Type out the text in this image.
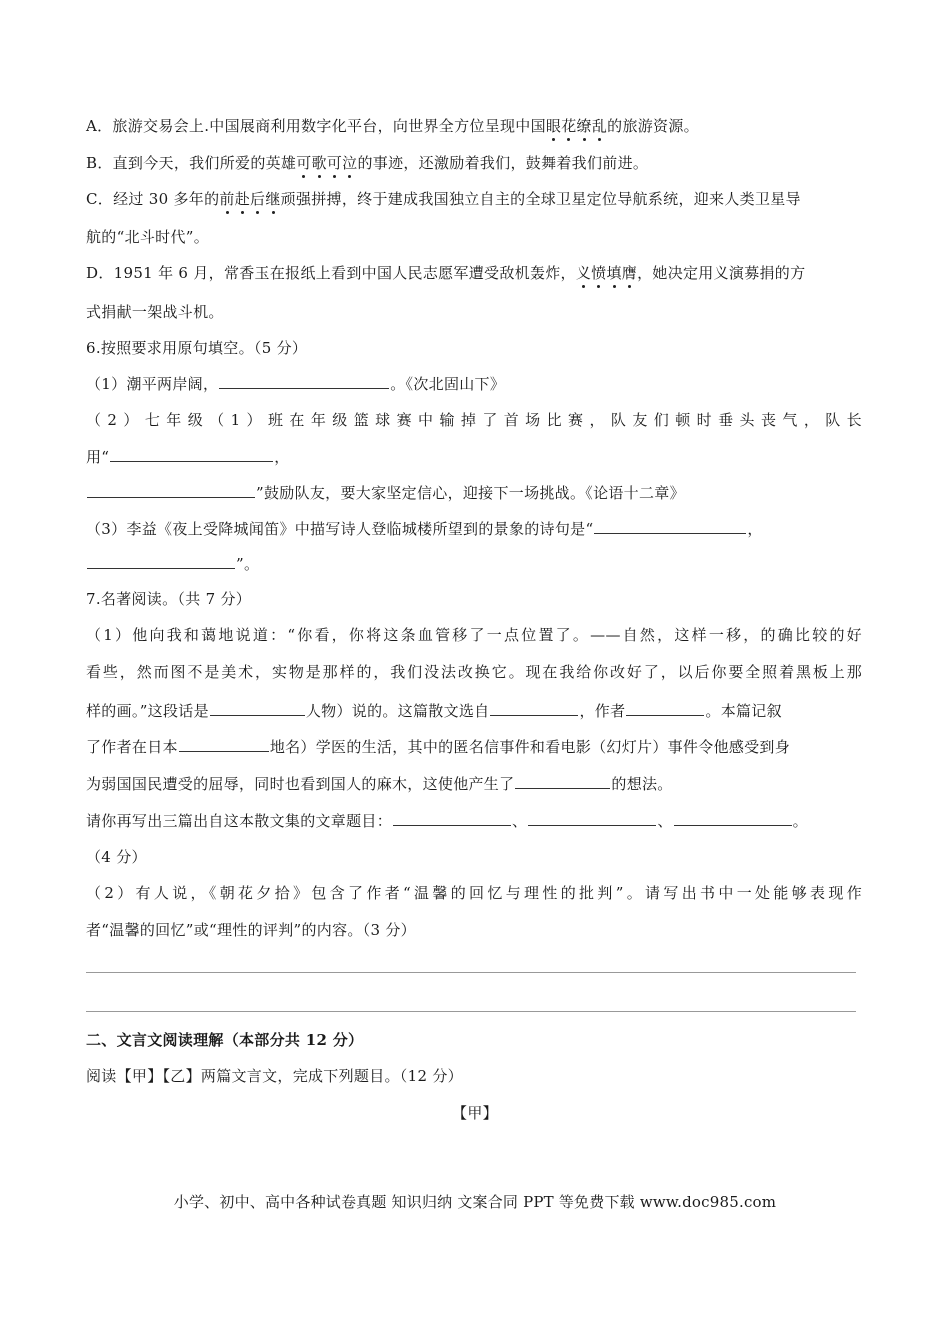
A．旅游交易会上.中国展商利用数字化平台，向世界全方位呈现中国眼花缭乱的旅游资源。
B．直到今天，我们所爱的英雄可歌可泣的事迹，还激励着我们，鼓舞着我们前进。
C．经过 30 多年的前赴后继顽强拼搏，终于建成我国独立自主的全球卫星定位导航系统，迎来人类卫星导
航的“北斗时代”。
D．1951 年 6 月，常香玉在报纸上看到中国人民志愿军遭受敌机轰炸，义愤填膺，她决定用义演募捐的方
式捐献一架战斗机。
6.按照要求用原句填空。（5 分）
（1）潮平两岸阔，	。《次北固山下》
（2）七年级（1）班在年级篮球赛中输掉了首场比赛，队友们顿时垂头丧气，队长
用“	，
”鼓励队友，要大家坚定信心，迎接下一场挑战。《论语十二章》
（3）李益《夜上受降城闻笛》中描写诗人登临城楼所望到的景象的诗句是“	，
”。
7.名著阅读。（共 7 分）
（1）他向我和蔼地说道：“你看，你将这条血管移了一点位置了。——自然，这样一移，的确比较的好
看些，然而图不是美术，实物是那样的，我们没法改换它。现在我给你改好了，以后你要全照着黑板上那
样的画。”这段话是	人物）说的。这篇散文选自	，作者	。本篇记叙
了作者在日本	地名）学医的生活，其中的匿名信事件和看电影（幻灯片）事件令他感受到身
为弱国国民遭受的屈辱，同时也看到国人的麻木，这使他产生了	的想法。
请你再写出三篇出自这本散文集的文章题目：	、	、	。
（4 分）
（2）有人说，《朝花夕拾》包含了作者“温馨的回忆与理性的批判”。请写出书中一处能够表现作
者“温馨的回忆”或“理性的评判”的内容。（3 分）
二、文言文阅读理解（本部分共 12 分）
阅读【甲】【乙】两篇文言文，完成下列题目。（12 分）
【甲】
小学、初中、高中各种试卷真题 知识归纳 文案合同 PPT 等免费下载 www.doc985.com
